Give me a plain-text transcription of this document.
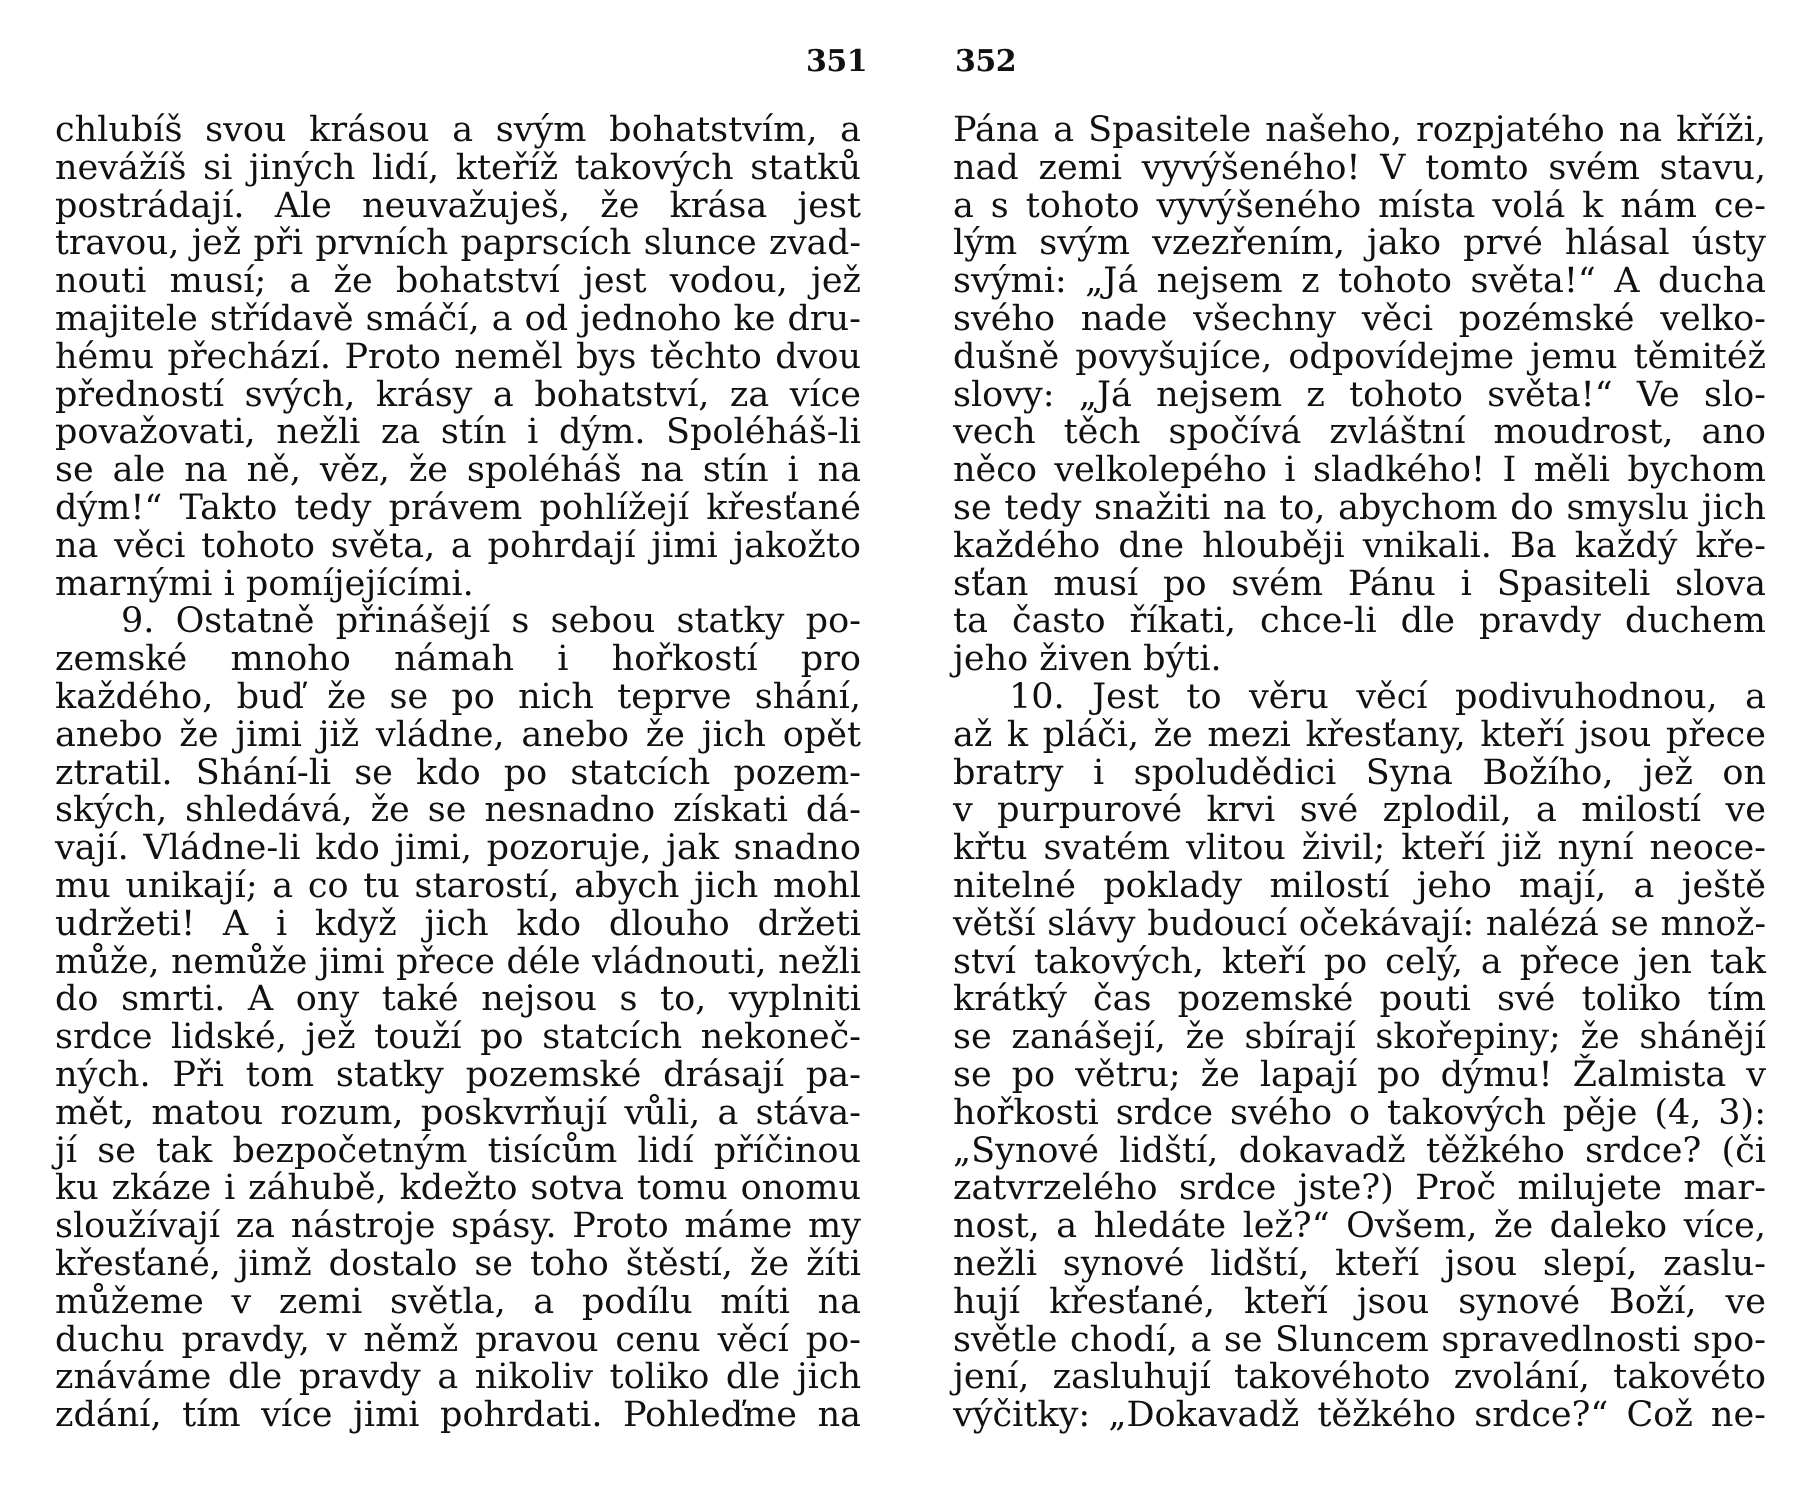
351	352
chlubíš svou krásou a svým bohatstvím, a
nevážíš si jiných lidí, kteříž takových statků
postrádají. Ale neuvažuješ, že krása jest
travou, jež při prvních paprscích slunce zvad-
nouti musí; a že bohatství jest vodou, jež
majitele střídavě smáčí, a od jednoho ke dru-
hému přechází. Proto neměl bys těchto dvou
předností svých, krásy a bohatství, za více
považovati, nežli za stín i dým. Spoléháš-li
se ale na ně, věz, že spoléháš na stín i na
dým!“ Takto tedy právem pohlížejí křesťané
na věci tohoto světa, a pohrdají jimi jakožto
marnými i pomíjejícími.
9. Ostatně přinášejí s sebou statky po-
zemské mnoho námah i hořkostí pro
každého, buď že se po nich teprve shání,
anebo že jimi již vládne, anebo že jich opět
ztratil. Shání-li se kdo po statcích pozem-
ských, shledává, že se nesnadno získati dá-
vají. Vládne-li kdo jimi, pozoruje, jak snadno
mu unikají; a co tu starostí, abych jich mohl
udržeti! A i když jich kdo dlouho držeti
může, nemůže jimi přece déle vládnouti, nežli
do smrti. A ony také nejsou s to, vyplniti
srdce lidské, jež touží po statcích nekoneč-
ných. Při tom statky pozemské drásají pa-
mět, matou rozum, poskvrňují vůli, a stáva-
jí se tak bezpočetným tisícům lidí příčinou
ku zkáze i záhubě, kdežto sotva tomu onomu
sloužívají za nástroje spásy. Proto máme my
křesťané, jimž dostalo se toho štěstí, že žíti
můžeme v zemi světla, a podílu míti na
duchu pravdy, v němž pravou cenu věcí po-
znáváme dle pravdy a nikoliv toliko dle jich
zdání, tím více jimi pohrdati. Pohleďme na
Pána a Spasitele našeho, rozpjatého na kříži,
nad zemi vyvýšeného! V tomto svém stavu,
a s tohoto vyvýšeného místa volá k nám ce-
lým svým vzezřením, jako prvé hlásal ústy
svými: „Já nejsem z tohoto světa!“ A ducha
svého nade všechny věci pozémské velko-
dušně povyšujíce, odpovídejme jemu těmitéž
slovy: „Já nejsem z tohoto světa!“ Ve slo-
vech těch spočívá zvláštní moudrost, ano
něco velkolepého i sladkého! I měli bychom
se tedy snažiti na to, abychom do smyslu jich
každého dne hlouběji vnikali. Ba každý kře-
sťan musí po svém Pánu i Spasiteli slova
ta často říkati, chce-li dle pravdy duchem
jeho živen býti.
10. Jest to věru věcí podivuhodnou, a
až k pláči, že mezi křesťany, kteří jsou přece
bratry i spoludědici Syna Božího, jež on
v purpurové krvi své zplodil, a milostí ve
křtu svatém vlitou živil; kteří již nyní neoce-
nitelné poklady milostí jeho mají, a ještě
větší slávy budoucí očekávají: nalézá se množ-
ství takových, kteří po celý, a přece jen tak
krátký čas pozemské pouti své toliko tím
se zanášejí, že sbírají skořepiny; že shánějí
se po větru; že lapají po dýmu! Žalmista v
hořkosti srdce svého o takových pěje (4, 3):
„Synové lidští, dokavadž těžkého srdce? (či
zatvrzelého srdce jste?) Proč milujete mar-
nost, a hledáte lež?“ Ovšem, že daleko více,
nežli synové lidští, kteří jsou slepí, zaslu-
hují křesťané, kteří jsou synové Boží, ve
světle chodí, a se Sluncem spravedlnosti spo-
jení, zasluhují takovéhoto zvolání, takovéto
výčitky: „Dokavadž těžkého srdce?“ Což ne-
